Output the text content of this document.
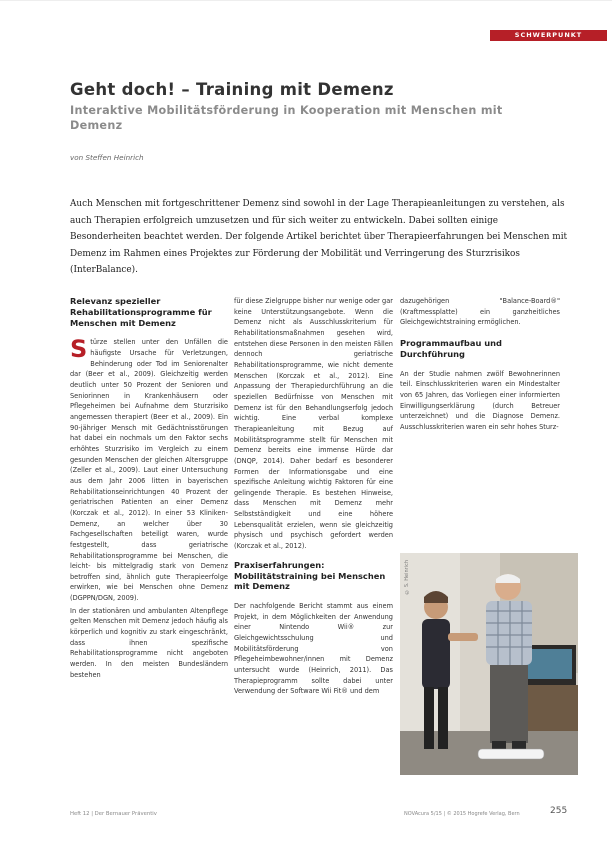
SCHWERPUNKT
Geht doch! – Training mit Demenz
Interaktive Mobilitätsförderung in Kooperation mit Menschen mit Demenz
von Steffen Heinrich

Auch Menschen mit fortgeschrittener Demenz sind sowohl in der Lage Therapieanleitungen zu verstehen, als auch Therapien erfolgreich umzusetzen und für sich weiter zu entwickeln. Dabei sollten einige Besonderheiten beachtet werden. Der folgende Artikel berichtet über Therapieerfahrungen bei Menschen mit Demenz im Rahmen eines Projektes zur Förderung der Mobilität und Verringerung des Sturzrisikos (InterBalance).

Relevanz spezieller Rehabilitationsprogramme für Menschen mit Demenz

Stürze stellen unter den Unfällen die häufigste Ursache für Verletzungen, Behinderung oder Tod im Seniorenalter dar (Beer et al., 2009). Gleichzeitig werden deutlich unter 50 Prozent der Senioren und Seniorinnen in Krankenhäusern oder Pflegeheimen bei Aufnahme dem Sturzrisiko angemessen therapiert (Beer et al., 2009). Ein 90-jähriger Mensch mit Gedächtnisstörungen hat dabei ein nochmals um den Faktor sechs erhöhtes Sturzrisiko im Vergleich zu einem gesunden Menschen der gleichen Altersgruppe (Zeller et al., 2009). Laut einer Untersuchung aus dem Jahr 2006 litten in bayerischen Rehabilitationseinrichtungen 40 Prozent der geriatrischen Patienten an einer Demenz (Korczak et al., 2012). In einer 53 Kliniken-Demenz, an welcher über 30 Fachgesellschaften beteiligt waren, wurde festgestellt, dass geriatrische Rehabilitationsprogramme bei Menschen, die leicht- bis mittelgradig stark von Demenz betroffen sind, ähnlich gute Therapieerfolge erwirken, wie bei Menschen ohne Demenz (DGPPN/DGN, 2009).

In der stationären und ambulanten Altenpflege gelten Menschen mit Demenz jedoch häufig als körperlich und kognitiv zu stark eingeschränkt, dass ihnen spezifische Rehabilitationsprogramme nicht angeboten werden. In den meisten Bundesländern bestehen

für diese Zielgruppe bisher nur wenige oder gar keine Unterstützungsangebote. Wenn die Demenz nicht als Ausschlusskriterium für Rehabilitationsmaßnahmen gesehen wird, entstehen diese Personen in den meisten Fällen dennoch geriatrische Rehabilitationsprogramme, wie nicht demente Menschen (Korczak et al., 2012). Eine Anpassung der Therapiedurchführung an die speziellen Bedürfnisse von Menschen mit Demenz ist für den Behandlungserfolg jedoch wichtig. Eine verbal komplexe Therapieanleitung mit Bezug auf Mobilitätsprogramme stellt für Menschen mit Demenz bereits eine immense Hürde dar (DNQP, 2014). Daher bedarf es besonderer Formen der Informationsgabe und eine spezifische Anleitung wichtig Faktoren für eine gelingende Therapie. Es bestehen Hinweise, dass Menschen mit Demenz mehr Selbstständigkeit und eine höhere Lebensqualität erzielen, wenn sie gleichzeitig physisch und psychisch gefordert werden (Korczak et al., 2012).

Praxiserfahrungen: Mobilitätstraining bei Menschen mit Demenz

Der nachfolgende Bericht stammt aus einem Projekt, in dem Möglichkeiten der Anwendung einer Nintendo Wii® zur Gleichgewichtsschulung und Mobilitätsförderung von Pflegeheimbewohner/innen mit Demenz untersucht wurde (Heinrich, 2011). Das Therapieprogramm sollte dabei unter Verwendung der Software Wii Fit® und dem

dazugehörigen "Balance-Board®" (Kraftmessplatte) ein ganzheitliches Gleichgewichtstraining ermöglichen.

Programmaufbau und Durchführung

An der Studie nahmen zwölf Bewohnerinnen teil. Einschlusskriterien waren ein Mindestalter von 65 Jahren, das Vorliegen einer informierten Einwilligungserklärung (durch Betreuer unterzeichnet) und die Diagnose Demenz. Ausschlusskriterien waren ein sehr hohes Sturz-

© S. Heinrich
Heft 12 | Der Bernauer Präventiv	NOVAcura 5/15 | © 2015 Hogrefe Verlag, Bern	255
